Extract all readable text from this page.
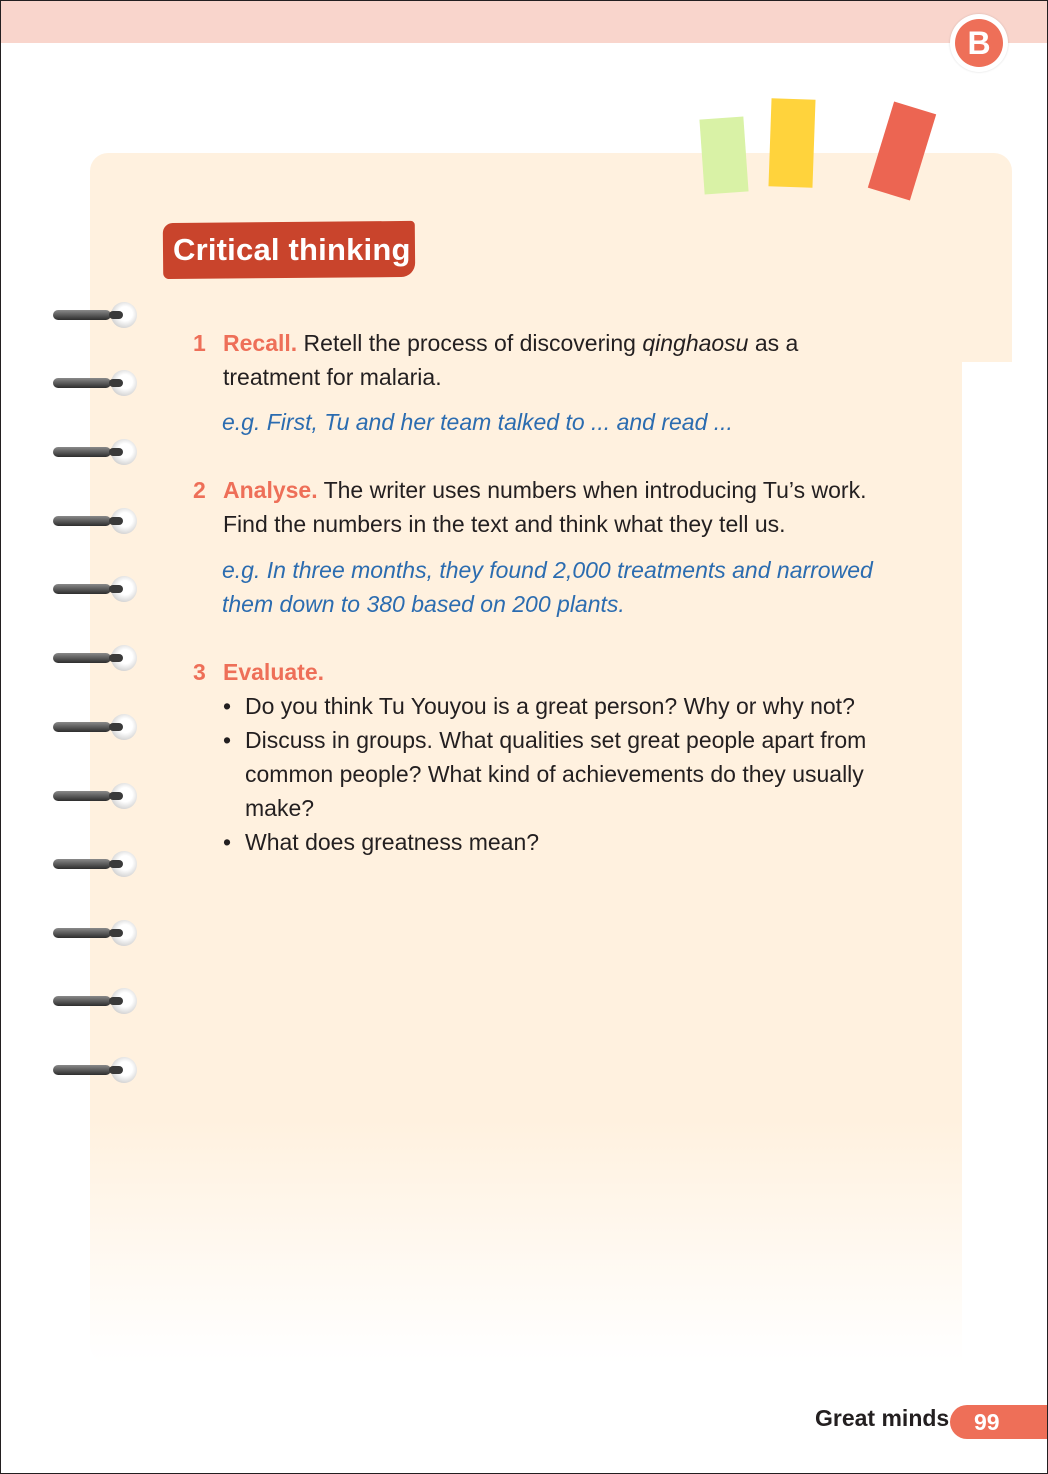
B
Critical thinking
1 Recall. Retell the process of discovering qinghaosu as a
treatment for malaria.
e.g. First, Tu and her team talked to ... and read ...
2 Analyse. The writer uses numbers when introducing Tu’s work.
Find the numbers in the text and think what they tell us.
e.g. In three months, they found 2,000 treatments and narrowed
them down to 380 based on 200 plants.
3 Evaluate.
• Do you think Tu Youyou is a great person? Why or why not?
• Discuss in groups. What qualities set great people apart from
common people? What kind of achievements do they usually
make?
• What does greatness mean?
Great minds	99
